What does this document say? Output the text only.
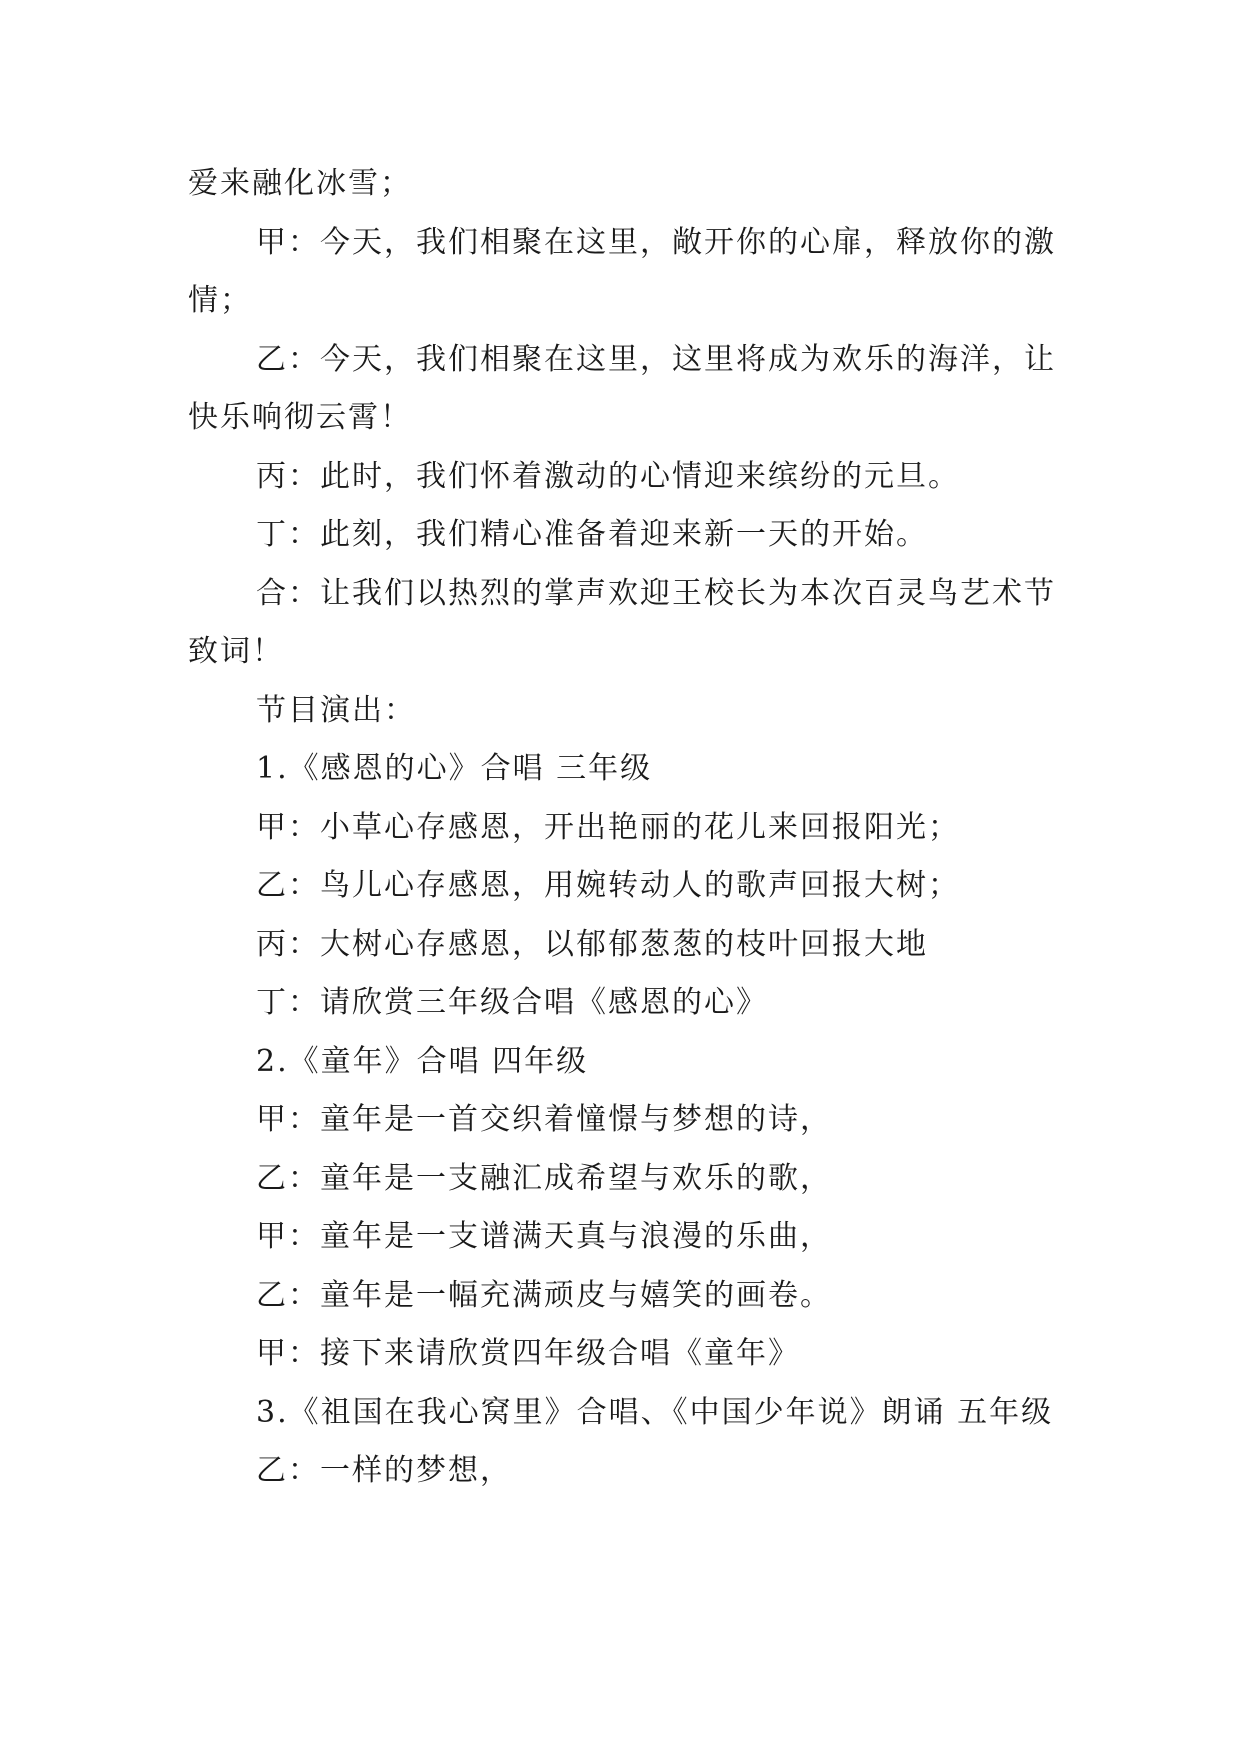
爱来融化冰雪；

甲：今天，我们相聚在这里，敞开你的心扉，释放你的激情；

乙：今天，我们相聚在这里，这里将成为欢乐的海洋，让快乐响彻云霄！

丙：此时，我们怀着激动的心情迎来缤纷的元旦。

丁：此刻，我们精心准备着迎来新一天的开始。

合：让我们以热烈的掌声欢迎王校长为本次百灵鸟艺术节致词！

节目演出：

1.《感恩的心》合唱 三年级

甲：小草心存感恩，开出艳丽的花儿来回报阳光；

乙：鸟儿心存感恩，用婉转动人的歌声回报大树；

丙：大树心存感恩，以郁郁葱葱的枝叶回报大地

丁：请欣赏三年级合唱《感恩的心》

2.《童年》合唱 四年级

甲：童年是一首交织着憧憬与梦想的诗，

乙：童年是一支融汇成希望与欢乐的歌，

甲：童年是一支谱满天真与浪漫的乐曲，

乙：童年是一幅充满顽皮与嬉笑的画卷。

甲：接下来请欣赏四年级合唱《童年》

3.《祖国在我心窝里》合唱、《中国少年说》朗诵 五年级

乙：一样的梦想，
